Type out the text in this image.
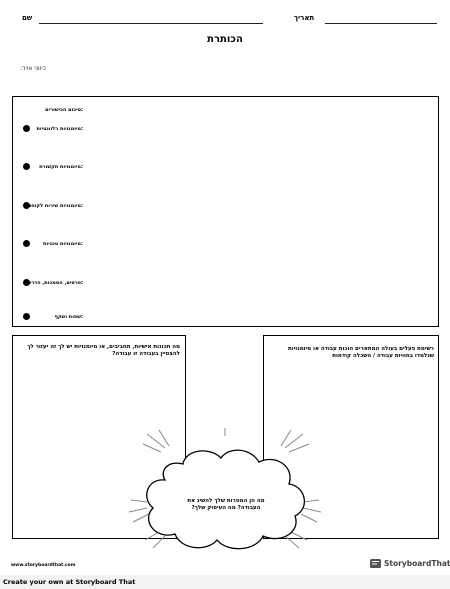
שם	תאריך
הכותרת
:כיווני אויר
:סיכום הכישורים
:מיומנויות רלוונטיות
:מיומנויות תקשורת
:מיומנויות שירות לקוחות
:מיומנויות טכניות
:פרסים, הסמכות, הדרכה
:שפות ושקף
מה תכונות אישיות, תחביבים, או מיומנויות יש לך זה יעזור לך להצטיין בעבודה זו עבודה?
רשימת פעלים בעולה המתארים הוכות עבודה או מיומנויות שנלמדו בחוויות עבודה / השכלה קודמות
מה הן המטרות שלך להשיג את העבודה? מה העיסוק שלך?
www.storyboardthat.com	StoryboardThat
Create your own at Storyboard That
